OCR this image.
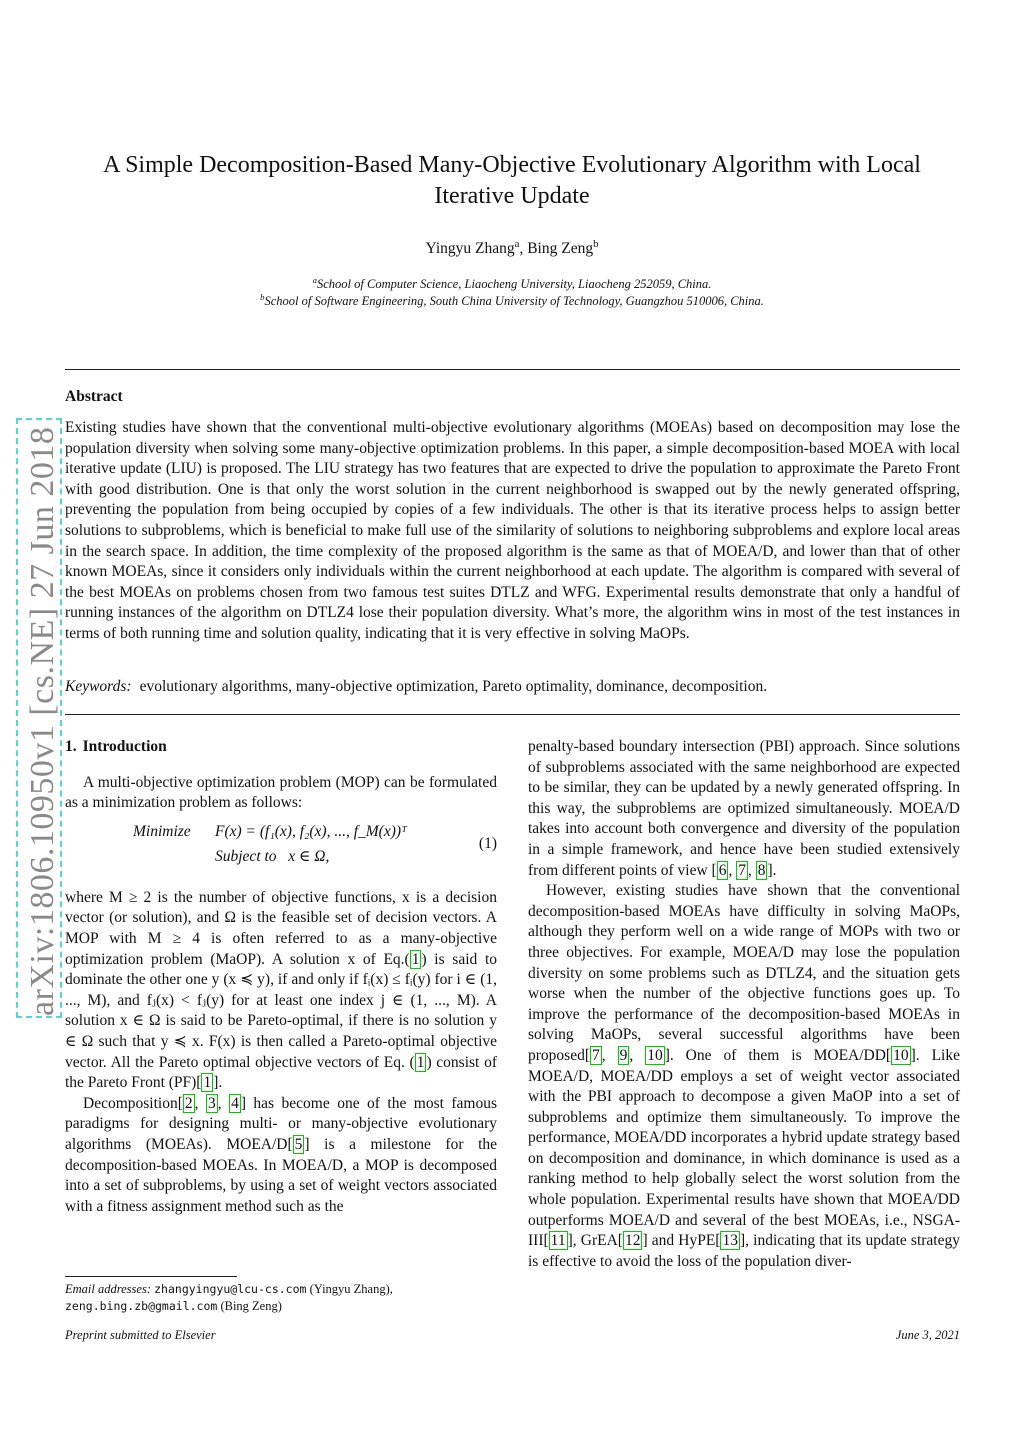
arXiv:1806.10950v1 [cs.NE] 27 Jun 2018
A Simple Decomposition-Based Many-Objective Evolutionary Algorithm with Local Iterative Update
Yingyu Zhang$^a$, Bing Zeng$^b$
$^a$School of Computer Science, Liaocheng University, Liaocheng 252059, China.
$^b$School of Software Engineering, South China University of Technology, Guangzhou 510006, China.
Abstract
Existing studies have shown that the conventional multi-objective evolutionary algorithms (MOEAs) based on decomposition may lose the population diversity when solving some many-objective optimization problems. In this paper, a simple decomposition-based MOEA with local iterative update (LIU) is proposed. The LIU strategy has two features that are expected to drive the population to approximate the Pareto Front with good distribution. One is that only the worst solution in the current neighborhood is swapped out by the newly generated offspring, preventing the population from being occupied by copies of a few individuals. The other is that its iterative process helps to assign better solutions to subproblems, which is beneficial to make full use of the similarity of solutions to neighboring subproblems and explore local areas in the search space. In addition, the time complexity of the proposed algorithm is the same as that of MOEA/D, and lower than that of other known MOEAs, since it considers only individuals within the current neighborhood at each update. The algorithm is compared with several of the best MOEAs on problems chosen from two famous test suites DTLZ and WFG. Experimental results demonstrate that only a handful of running instances of the algorithm on DTLZ4 lose their population diversity. What’s more, the algorithm wins in most of the test instances in terms of both running time and solution quality, indicating that it is very effective in solving MaOPs.
Keywords: evolutionary algorithms, many-objective optimization, Pareto optimality, dominance, decomposition.

1. Introduction

A multi-objective optimization problem (MOP) can be formulated as a minimization problem as follows:

Minimize F(x) = (f₁(x), f₂(x), ..., f_M(x))ᵀ
Subject to x ∈ Ω,
(1)

where M ≥ 2 is the number of objective functions, x is a decision vector (or solution), and Ω is the feasible set of decision vectors. A MOP with M ≥ 4 is often referred to as a many-objective optimization problem (MaOP). A solution x of Eq.( 1 ) is said to dominate the other one y (x ≼ y), if and only if fᵢ(x) ≤ fᵢ(y) for i ∈ (1, ..., M), and fⱼ(x) < fⱼ(y) for at least one index j ∈ (1, ..., M). A solution x ∈ Ω is said to be Pareto-optimal, if there is no solution y ∈ Ω such that y ≼ x. F(x) is then called a Pareto-optimal objective vector. All the Pareto optimal objective vectors of Eq. ( 1 ) consist of the Pareto Front (PF)[ 1 ].

Decomposition[ 2 , 3 , 4 ] has become one of the most famous paradigms for designing multi- or many-objective evolutionary algorithms (MOEAs). MOEA/D[ 5 ] is a milestone for the decomposition-based MOEAs. In MOEA/D, a MOP is decomposed into a set of subproblems, by using a set of weight vectors associated with a fitness assignment method such as the

penalty-based boundary intersection (PBI) approach. Since solutions of subproblems associated with the same neighborhood are expected to be similar, they can be updated by a newly generated offspring. In this way, the subproblems are optimized simultaneously. MOEA/D takes into account both convergence and diversity of the population in a simple framework, and hence have been studied extensively from different points of view [ 6 , 7 , 8 ].

However, existing studies have shown that the conventional decomposition-based MOEAs have difficulty in solving MaOPs, although they perform well on a wide range of MOPs with two or three objectives. For example, MOEA/D may lose the population diversity on some problems such as DTLZ4, and the situation gets worse when the number of the objective functions goes up. To improve the performance of the decomposition-based MOEAs in solving MaOPs, several successful algorithms have been proposed[ 7 , 9 , 10 ]. One of them is MOEA/DD[ 10 ]. Like MOEA/D, MOEA/DD employs a set of weight vector associated with the PBI approach to decompose a given MaOP into a set of subproblems and optimize them simultaneously. To improve the performance, MOEA/DD incorporates a hybrid update strategy based on decomposition and dominance, in which dominance is used as a ranking method to help globally select the worst solution from the whole population. Experimental results have shown that MOEA/DD outperforms MOEA/D and several of the best MOEAs, i.e., NSGA-III[ 11 ], GrEA[ 12 ] and HyPE[ 13 ], indicating that its update strategy is effective to avoid the loss of the population diver-

Email addresses: zhangyingyu@lcu-cs.com (Yingyu Zhang),
zeng.bing.zb@gmail.com (Bing Zeng)
Preprint submitted to Elsevier	June 3, 2021
